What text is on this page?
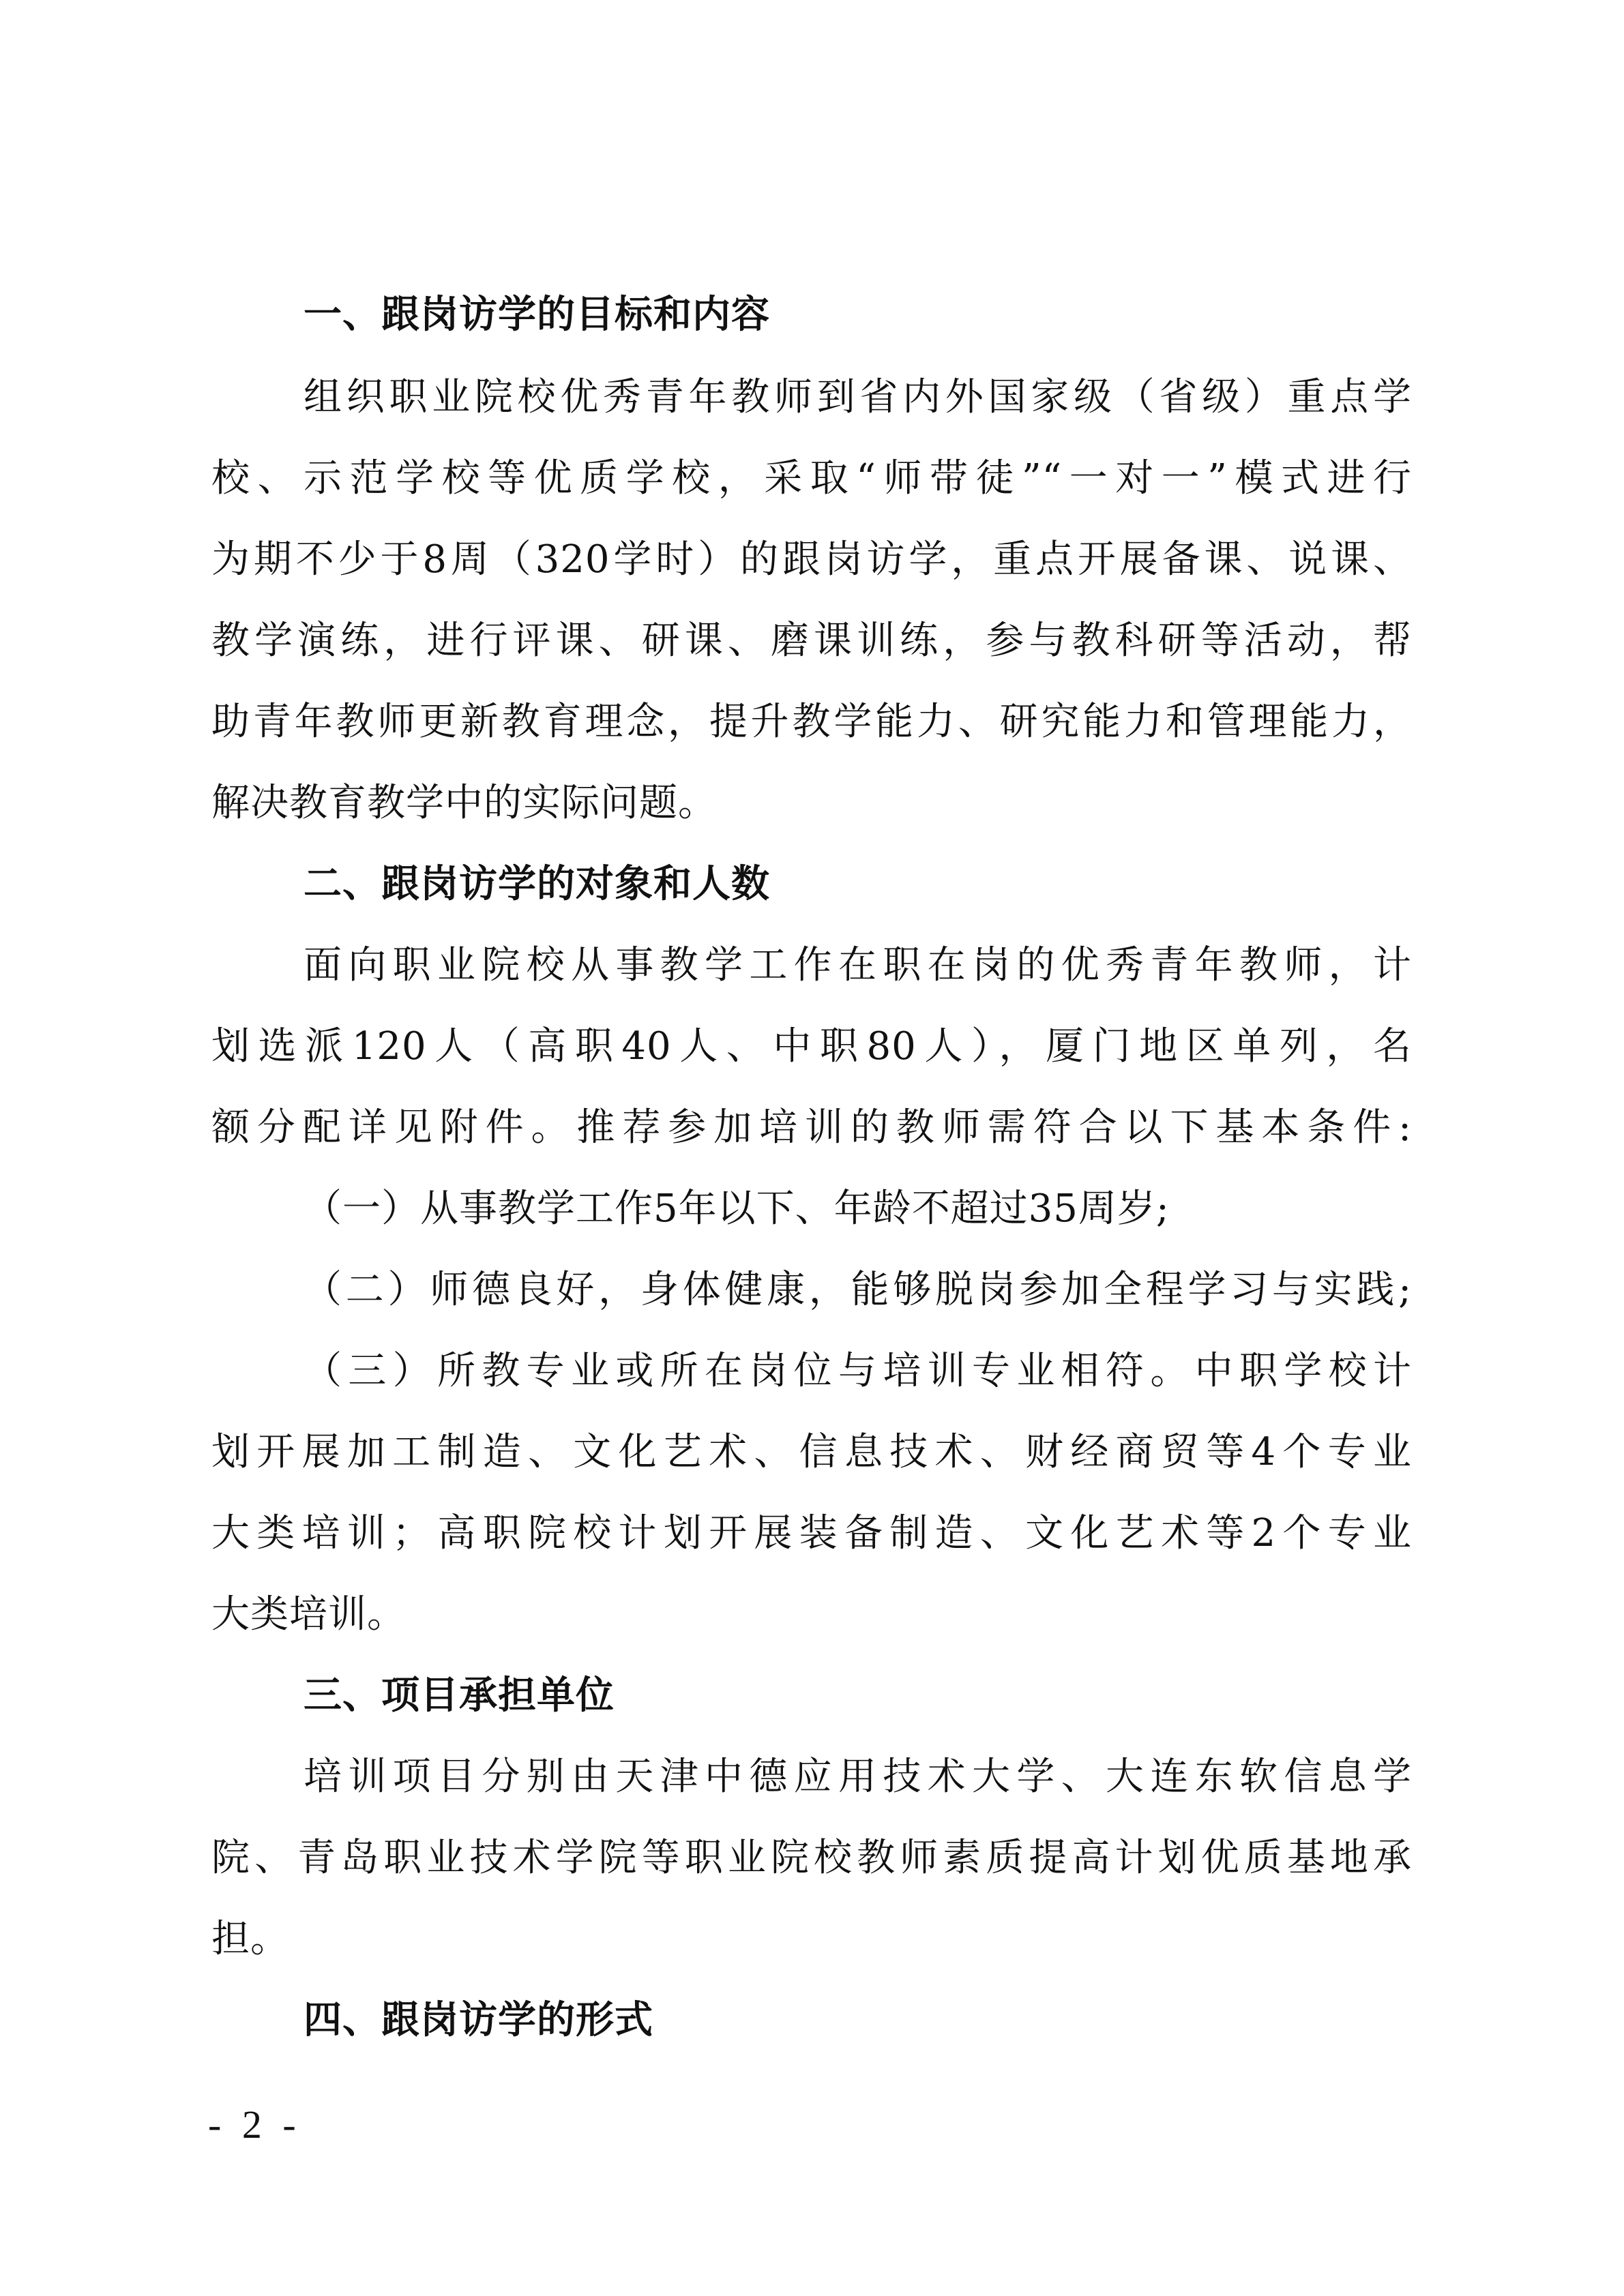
一、跟岗访学的目标和内容
组织职业院校优秀青年教师到省内外国家级（省级）重点学
校、示范学校等优质学校，采取“师带徒”“一对一”模式进行
为期不少于8周（320学时）的跟岗访学，重点开展备课、说课、
教学演练，进行评课、研课、磨课训练，参与教科研等活动，帮
助青年教师更新教育理念，提升教学能力、研究能力和管理能力，
解决教育教学中的实际问题。
二、跟岗访学的对象和人数
面向职业院校从事教学工作在职在岗的优秀青年教师，计
划选派120人（高职40人、中职80人），厦门地区单列，名
额分配详见附件。推荐参加培训的教师需符合以下基本条件:
（一）从事教学工作5年以下、年龄不超过35周岁;
（二）师德良好，身体健康，能够脱岗参加全程学习与实践;
（三）所教专业或所在岗位与培训专业相符。中职学校计
划开展加工制造、文化艺术、信息技术、财经商贸等4个专业
大类培训；高职院校计划开展装备制造、文化艺术等2个专业
大类培训。
三、项目承担单位
培训项目分别由天津中德应用技术大学、大连东软信息学
院、青岛职业技术学院等职业院校教师素质提高计划优质基地承
担。
四、跟岗访学的形式
- 2 -
